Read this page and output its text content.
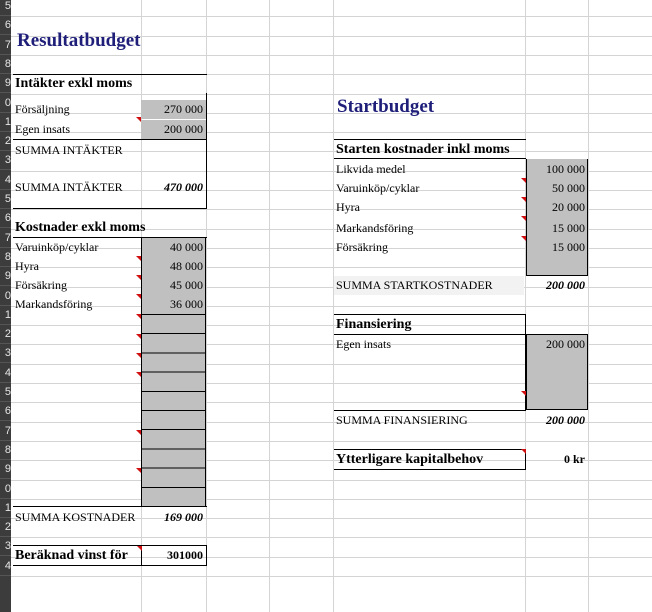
5
6
7
8
9
0
1
2
3
4
5
6
7
8
9
0
1
2
3
4
5
6
7
8
9
0
1
2
3
4
Resultatbudget
Intäkter exkl moms
Försäljning	270 000
Egen insats	200 000
SUMMA INTÄKTER
SUMMA INTÄKTER	470 000
Kostnader exkl moms
Varuinköp/cyklar	40 000
Hyra	48 000
Försäkring	45 000
Markandsföring	36 000
SUMMA KOSTNADER	169 000
Beräknad vinst för	301000
Startbudget
Starten kostnader inkl moms
Likvida medel	100 000
Varuinköp/cyklar	50 000
Hyra	20 000
Markandsföring	15 000
Försäkring	15 000
SUMMA STARTKOSTNADER	200 000
Finansiering
Egen insats	200 000
SUMMA FINANSIERING	200 000
Ytterligare kapitalbehov	0 kr
